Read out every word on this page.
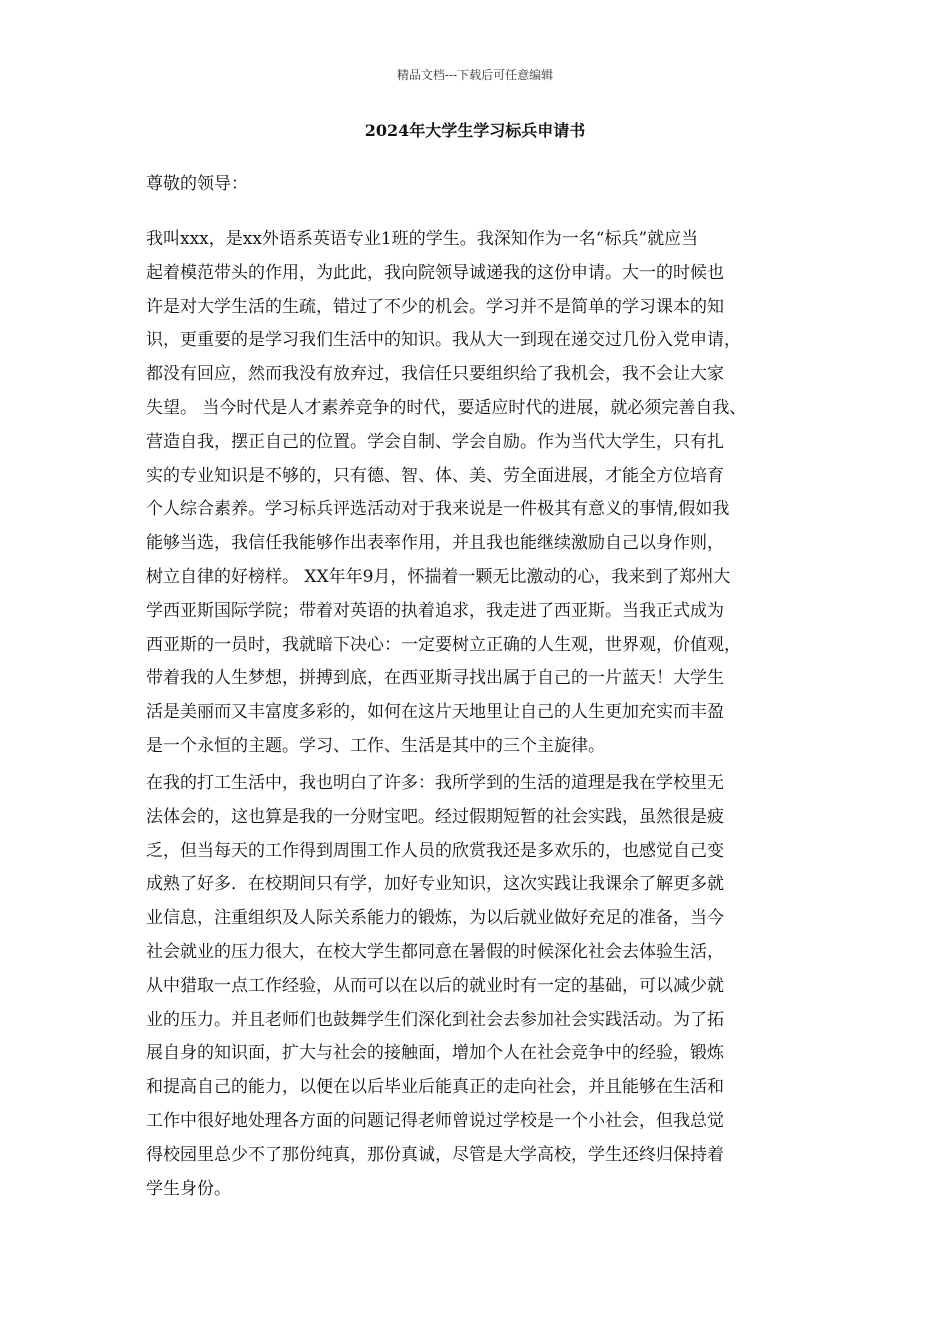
精品文档---下载后可任意编辑
2024年大学生学习标兵申请书
尊敬的领导：
我叫xxx，是xx外语系英语专业1班的学生。我深知作为一名“标兵”就应当
起着模范带头的作用，为此此，我向院领导诚递我的这份申请。大一的时候也
许是对大学生活的生疏，错过了不少的机会。学习并不是简单的学习课本的知
识，更重要的是学习我们生活中的知识。我从大一到现在递交过几份入党申请，
都没有回应，然而我没有放弃过，我信任只要组织给了我机会，我不会让大家
失望。 当今时代是人才素养竞争的时代，要适应时代的进展，就必须完善自我、
营造自我，摆正自己的位置。学会自制、学会自励。作为当代大学生，只有扎
实的专业知识是不够的，只有德、智、体、美、劳全面进展，才能全方位培育
个人综合素养。学习标兵评选活动对于我来说是一件极其有意义的事情,假如我
能够当选，我信任我能够作出表率作用，并且我也能继续激励自己以身作则，
树立自律的好榜样。 XX年年9月，怀揣着一颗无比激动的心，我来到了郑州大
学西亚斯国际学院；带着对英语的执着追求，我走进了西亚斯。当我正式成为
西亚斯的一员时，我就暗下决心：一定要树立正确的人生观，世界观，价值观，
带着我的人生梦想，拼搏到底，在西亚斯寻找出属于自己的一片蓝天！大学生
活是美丽而又丰富度多彩的，如何在这片天地里让自己的人生更加充实而丰盈
是一个永恒的主题。学习、工作、生活是其中的三个主旋律。
在我的打工生活中，我也明白了许多：我所学到的生活的道理是我在学校里无
法体会的，这也算是我的一分财宝吧。经过假期短暂的社会实践，虽然很是疲
乏，但当每天的工作得到周围工作人员的欣赏我还是多欢乐的，也感觉自己变
成熟了好多．在校期间只有学，加好专业知识，这次实践让我课余了解更多就
业信息，注重组织及人际关系能力的锻炼，为以后就业做好充足的准备，当今
社会就业的压力很大，在校大学生都同意在暑假的时候深化社会去体验生活，
从中猎取一点工作经验，从而可以在以后的就业时有一定的基础，可以减少就
业的压力。并且老师们也鼓舞学生们深化到社会去参加社会实践活动。为了拓
展自身的知识面，扩大与社会的接触面，增加个人在社会竞争中的经验，锻炼
和提高自己的能力，以便在以后毕业后能真正的走向社会，并且能够在生活和
工作中很好地处理各方面的问题记得老师曾说过学校是一个小社会，但我总觉
得校园里总少不了那份纯真，那份真诚，尽管是大学高校，学生还终归保持着
学生身份。
